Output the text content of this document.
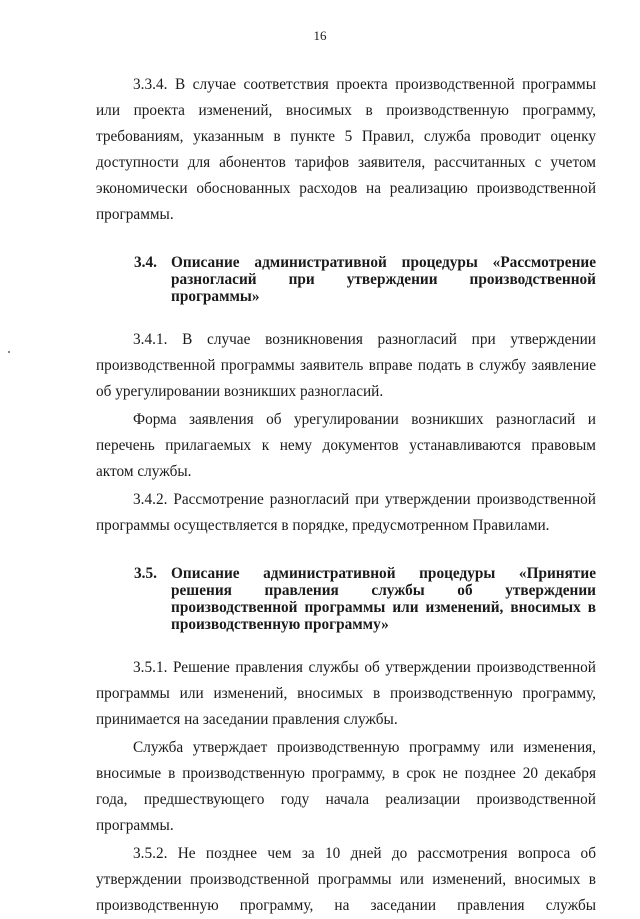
16

3.3.4. В случае соответствия проекта производственной программы или проекта изменений, вносимых в производственную программу, требованиям, указанным в пункте 5 Правил, служба проводит оценку доступности для абонентов тарифов заявителя, рассчитанных с учетом экономически обоснованных расходов на реализацию производственной программы.

3.4. Описание административной процедуры «Рассмотрение разногласий при утверждении производственной программы»

3.4.1. В случае возникновения разногласий при утверждении производственной программы заявитель вправе подать в службу заявление об урегулировании возникших разногласий.

Форма заявления об урегулировании возникших разногласий и перечень прилагаемых к нему документов устанавливаются правовым актом службы.

3.4.2. Рассмотрение разногласий при утверждении производственной программы осуществляется в порядке, предусмотренном Правилами.

3.5. Описание административной процедуры «Принятие решения правления службы об утверждении производственной программы или изменений, вносимых в производственную программу»

3.5.1. Решение правления службы об утверждении производственной программы или изменений, вносимых в производственную программу, принимается на заседании правления службы.

Служба утверждает производственную программу или изменения, вносимые в производственную программу, в срок не позднее 20 декабря года, предшествующего году начала реализации производственной программы.

3.5.2. Не позднее чем за 10 дней до рассмотрения вопроса об утверждении производственной программы или изменений, вносимых в производственную программу, на заседании правления службы
